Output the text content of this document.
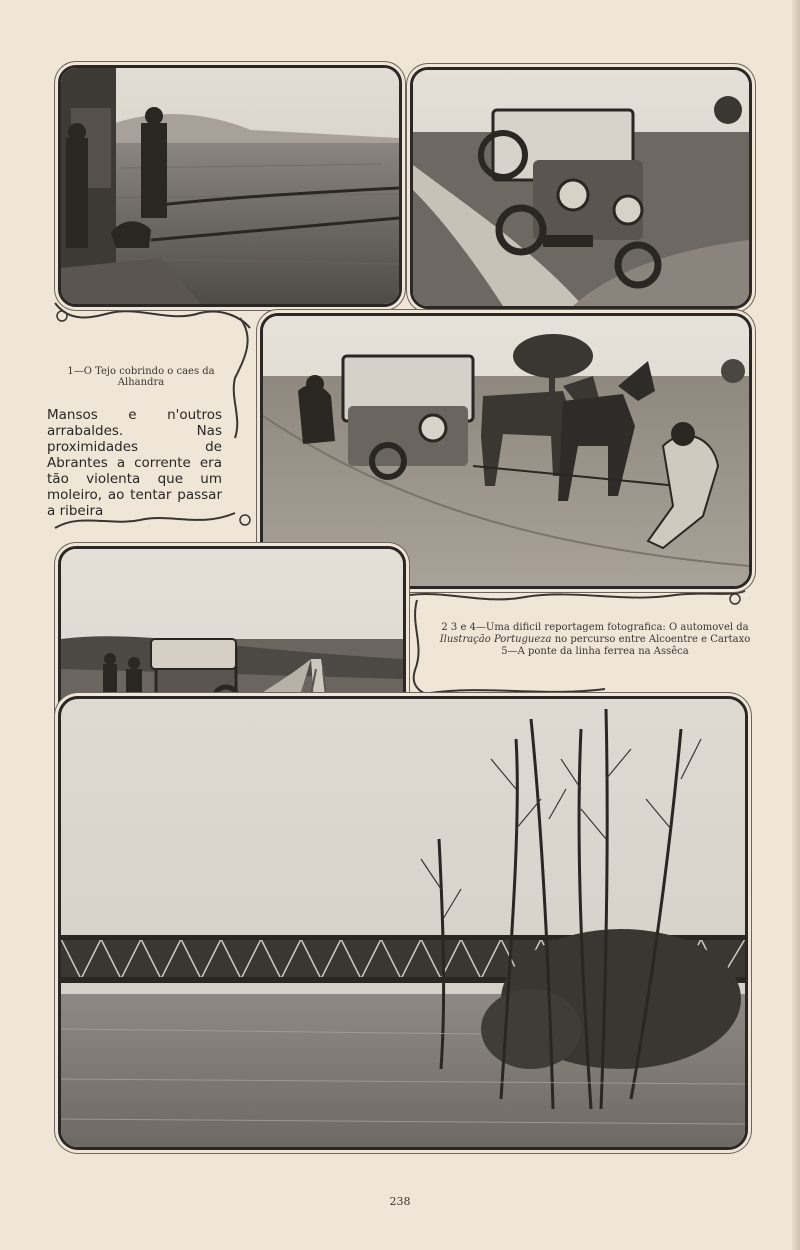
1—O Tejo cobrindo o caes da Alhandra
Mansos e n'outros arrabaldes. Nas proximidades de Abrantes a corrente era tão violenta que um moleiro, ao tentar passar a ribeira

2 3 e 4—Uma dificil reportagem fotografica: O automovel da Ilustração Portugueza no percurso entre Alcoentre e Cartaxo

5—A ponte da linha ferrea na Assêca

238
